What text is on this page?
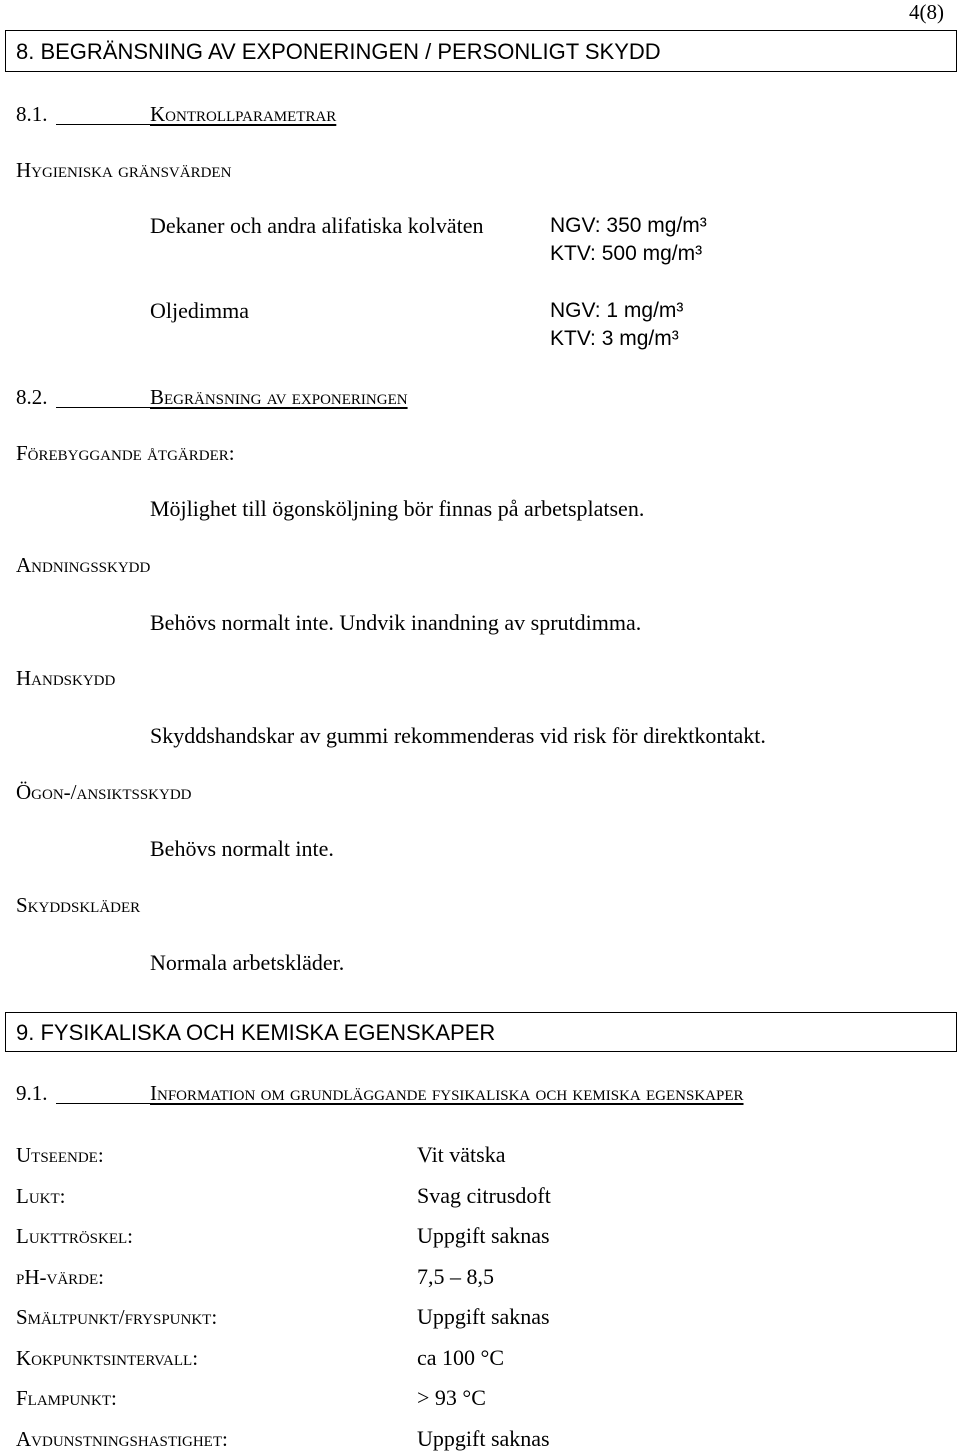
4(8)
8. BEGRÄNSNING AV EXPONERINGEN / PERSONLIGT SKYDD
8.1.	Kontrollparametrar
Hygieniska gränsvärden
Dekaner och andra alifatiska kolväten	NGV: 350 mg/m³
KTV: 500 mg/m³
Oljedimma	NGV: 1 mg/m³
KTV: 3 mg/m³
8.2.	Begränsning av exponeringen
Förebyggande åtgärder:
Möjlighet till ögonsköljning bör finnas på arbetsplatsen.
Andningsskydd
Behövs normalt inte. Undvik inandning av sprutdimma.
Handskydd
Skyddshandskar av gummi rekommenderas vid risk för direktkontakt.
Ögon-/ansiktsskydd
Behövs normalt inte.
Skyddskläder
Normala arbetskläder.
9. FYSIKALISKA OCH KEMISKA EGENSKAPER
9.1.	Information om grundläggande fysikaliska och kemiska egenskaper
Utseende:	Vit vätska
Lukt:	Svag citrusdoft
Lukttröskel:	Uppgift saknas
pH-värde:	7,5 – 8,5
Smältpunkt/fryspunkt:	Uppgift saknas
Kokpunktsintervall:	ca 100 °C
Flampunkt:	> 93 °C
Avdunstningshastighet:	Uppgift saknas
